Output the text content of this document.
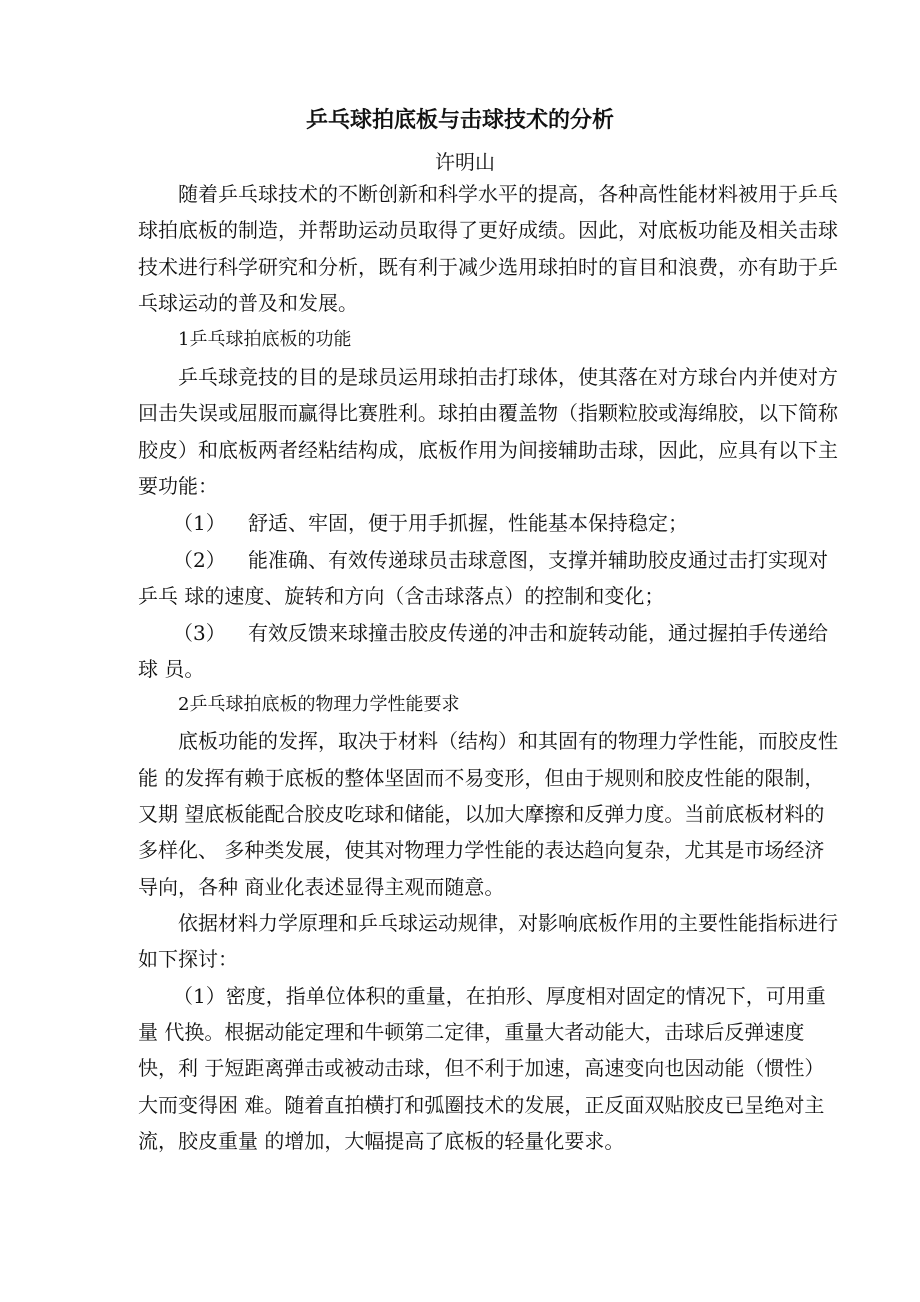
乒乓球拍底板与击球技术的分析
许明山
随着乒乓球技术的不断创新和科学水平的提高，各种高性能材料被用于乒乓
球拍底板的制造，并帮助运动员取得了更好成绩。因此，对底板功能及相关击球
技术进行科学研究和分析，既有利于减少选用球拍时的盲目和浪费，亦有助于乒
乓球运动的普及和发展。
1乒乓球拍底板的功能
乒乓球竞技的目的是球员运用球拍击打球体，使其落在对方球台内并使对方
回击失误或屈服而赢得比赛胜利。球拍由覆盖物（指颗粒胶或海绵胶，以下简称
胶皮）和底板两者经粘结构成，底板作用为间接辅助击球，因此，应具有以下主
要功能：
（1） 舒适、牢固，便于用手抓握，性能基本保持稳定；
（2） 能准确、有效传递球员击球意图，支撑并辅助胶皮通过击打实现对
乒乓 球的速度、旋转和方向（含击球落点）的控制和变化；
（3） 有效反馈来球撞击胶皮传递的冲击和旋转动能，通过握拍手传递给
球 员。
2乒乓球拍底板的物理力学性能要求
底板功能的发挥，取决于材料（结构）和其固有的物理力学性能，而胶皮性
能 的发挥有赖于底板的整体坚固而不易变形，但由于规则和胶皮性能的限制，
又期 望底板能配合胶皮吃球和储能，以加大摩擦和反弹力度。当前底板材料的
多样化、 多种类发展，使其对物理力学性能的表达趋向复杂，尤其是市场经济
导向，各种 商业化表述显得主观而随意。
依据材料力学原理和乒乓球运动规律，对影响底板作用的主要性能指标进行
如下探讨：
（1）密度，指单位体积的重量，在拍形、厚度相对固定的情况下，可用重
量 代换。根据动能定理和牛顿第二定律，重量大者动能大，击球后反弹速度
快，利 于短距离弹击或被动击球，但不利于加速，高速变向也因动能（惯性）
大而变得困 难。随着直拍横打和弧圈技术的发展，正反面双贴胶皮已呈绝对主
流，胶皮重量 的增加，大幅提高了底板的轻量化要求。
